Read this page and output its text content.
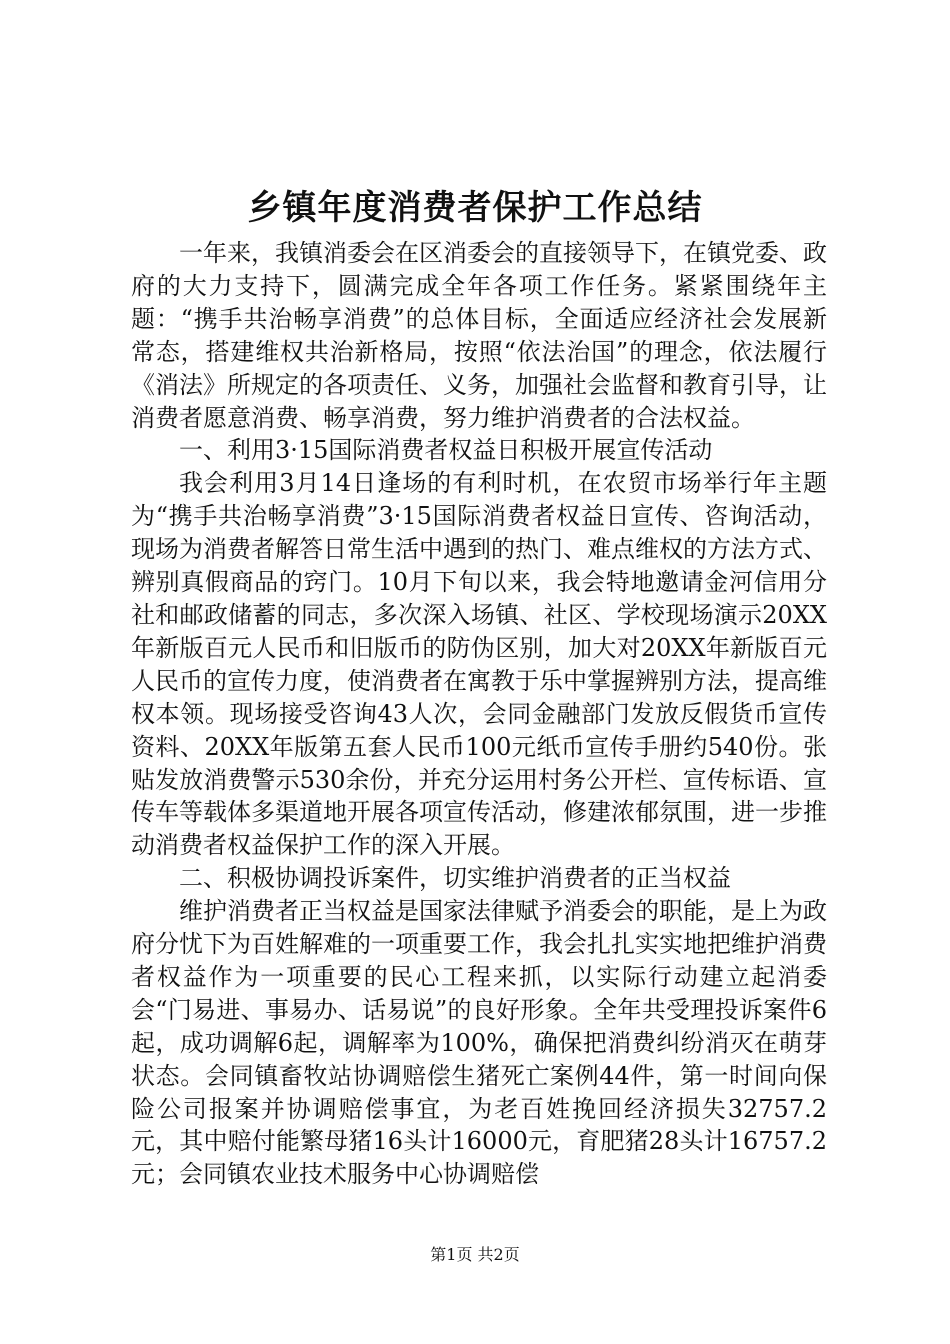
乡镇年度消费者保护工作总结

一年来，我镇消委会在区消委会的直接领导下，在镇党委、政府的大力支持下，圆满完成全年各项工作任务。紧紧围绕年主题：“携手共治畅享消费”的总体目标，全面适应经济社会发展新常态，搭建维权共治新格局，按照“依法治国”的理念，依法履行《消法》所规定的各项责任、义务，加强社会监督和教育引导，让消费者愿意消费、畅享消费，努力维护消费者的合法权益。

一、利用3·15国际消费者权益日积极开展宣传活动

我会利用3月14日逢场的有利时机，在农贸市场举行年主题为“携手共治畅享消费”3·15国际消费者权益日宣传、咨询活动，现场为消费者解答日常生活中遇到的热门、难点维权的方法方式、辨别真假商品的窍门。10月下旬以来，我会特地邀请金河信用分社和邮政储蓄的同志，多次深入场镇、社区、学校现场演示20XX年新版百元人民币和旧版币的防伪区别，加大对20XX年新版百元人民币的宣传力度，使消费者在寓教于乐中掌握辨别方法，提高维权本领。现场接受咨询43人次，会同金融部门发放反假货币宣传资料、20XX年版第五套人民币100元纸币宣传手册约540份。张贴发放消费警示530余份，并充分运用村务公开栏、宣传标语、宣传车等载体多渠道地开展各项宣传活动，修建浓郁氛围，进一步推动消费者权益保护工作的深入开展。

二、积极协调投诉案件，切实维护消费者的正当权益

维护消费者正当权益是国家法律赋予消委会的职能，是上为政府分忧下为百姓解难的一项重要工作，我会扎扎实实地把维护消费者权益作为一项重要的民心工程来抓，以实际行动建立起消委会“门易进、事易办、话易说”的良好形象。全年共受理投诉案件6起，成功调解6起，调解率为100%，确保把消费纠纷消灭在萌芽状态。会同镇畜牧站协调赔偿生猪死亡案例44件，第一时间向保险公司报案并协调赔偿事宜，为老百姓挽回经济损失32757.2元，其中赔付能繁母猪16头计16000元，育肥猪28头计16757.2元；会同镇农业技术服务中心协调赔偿

第1页 共2页
